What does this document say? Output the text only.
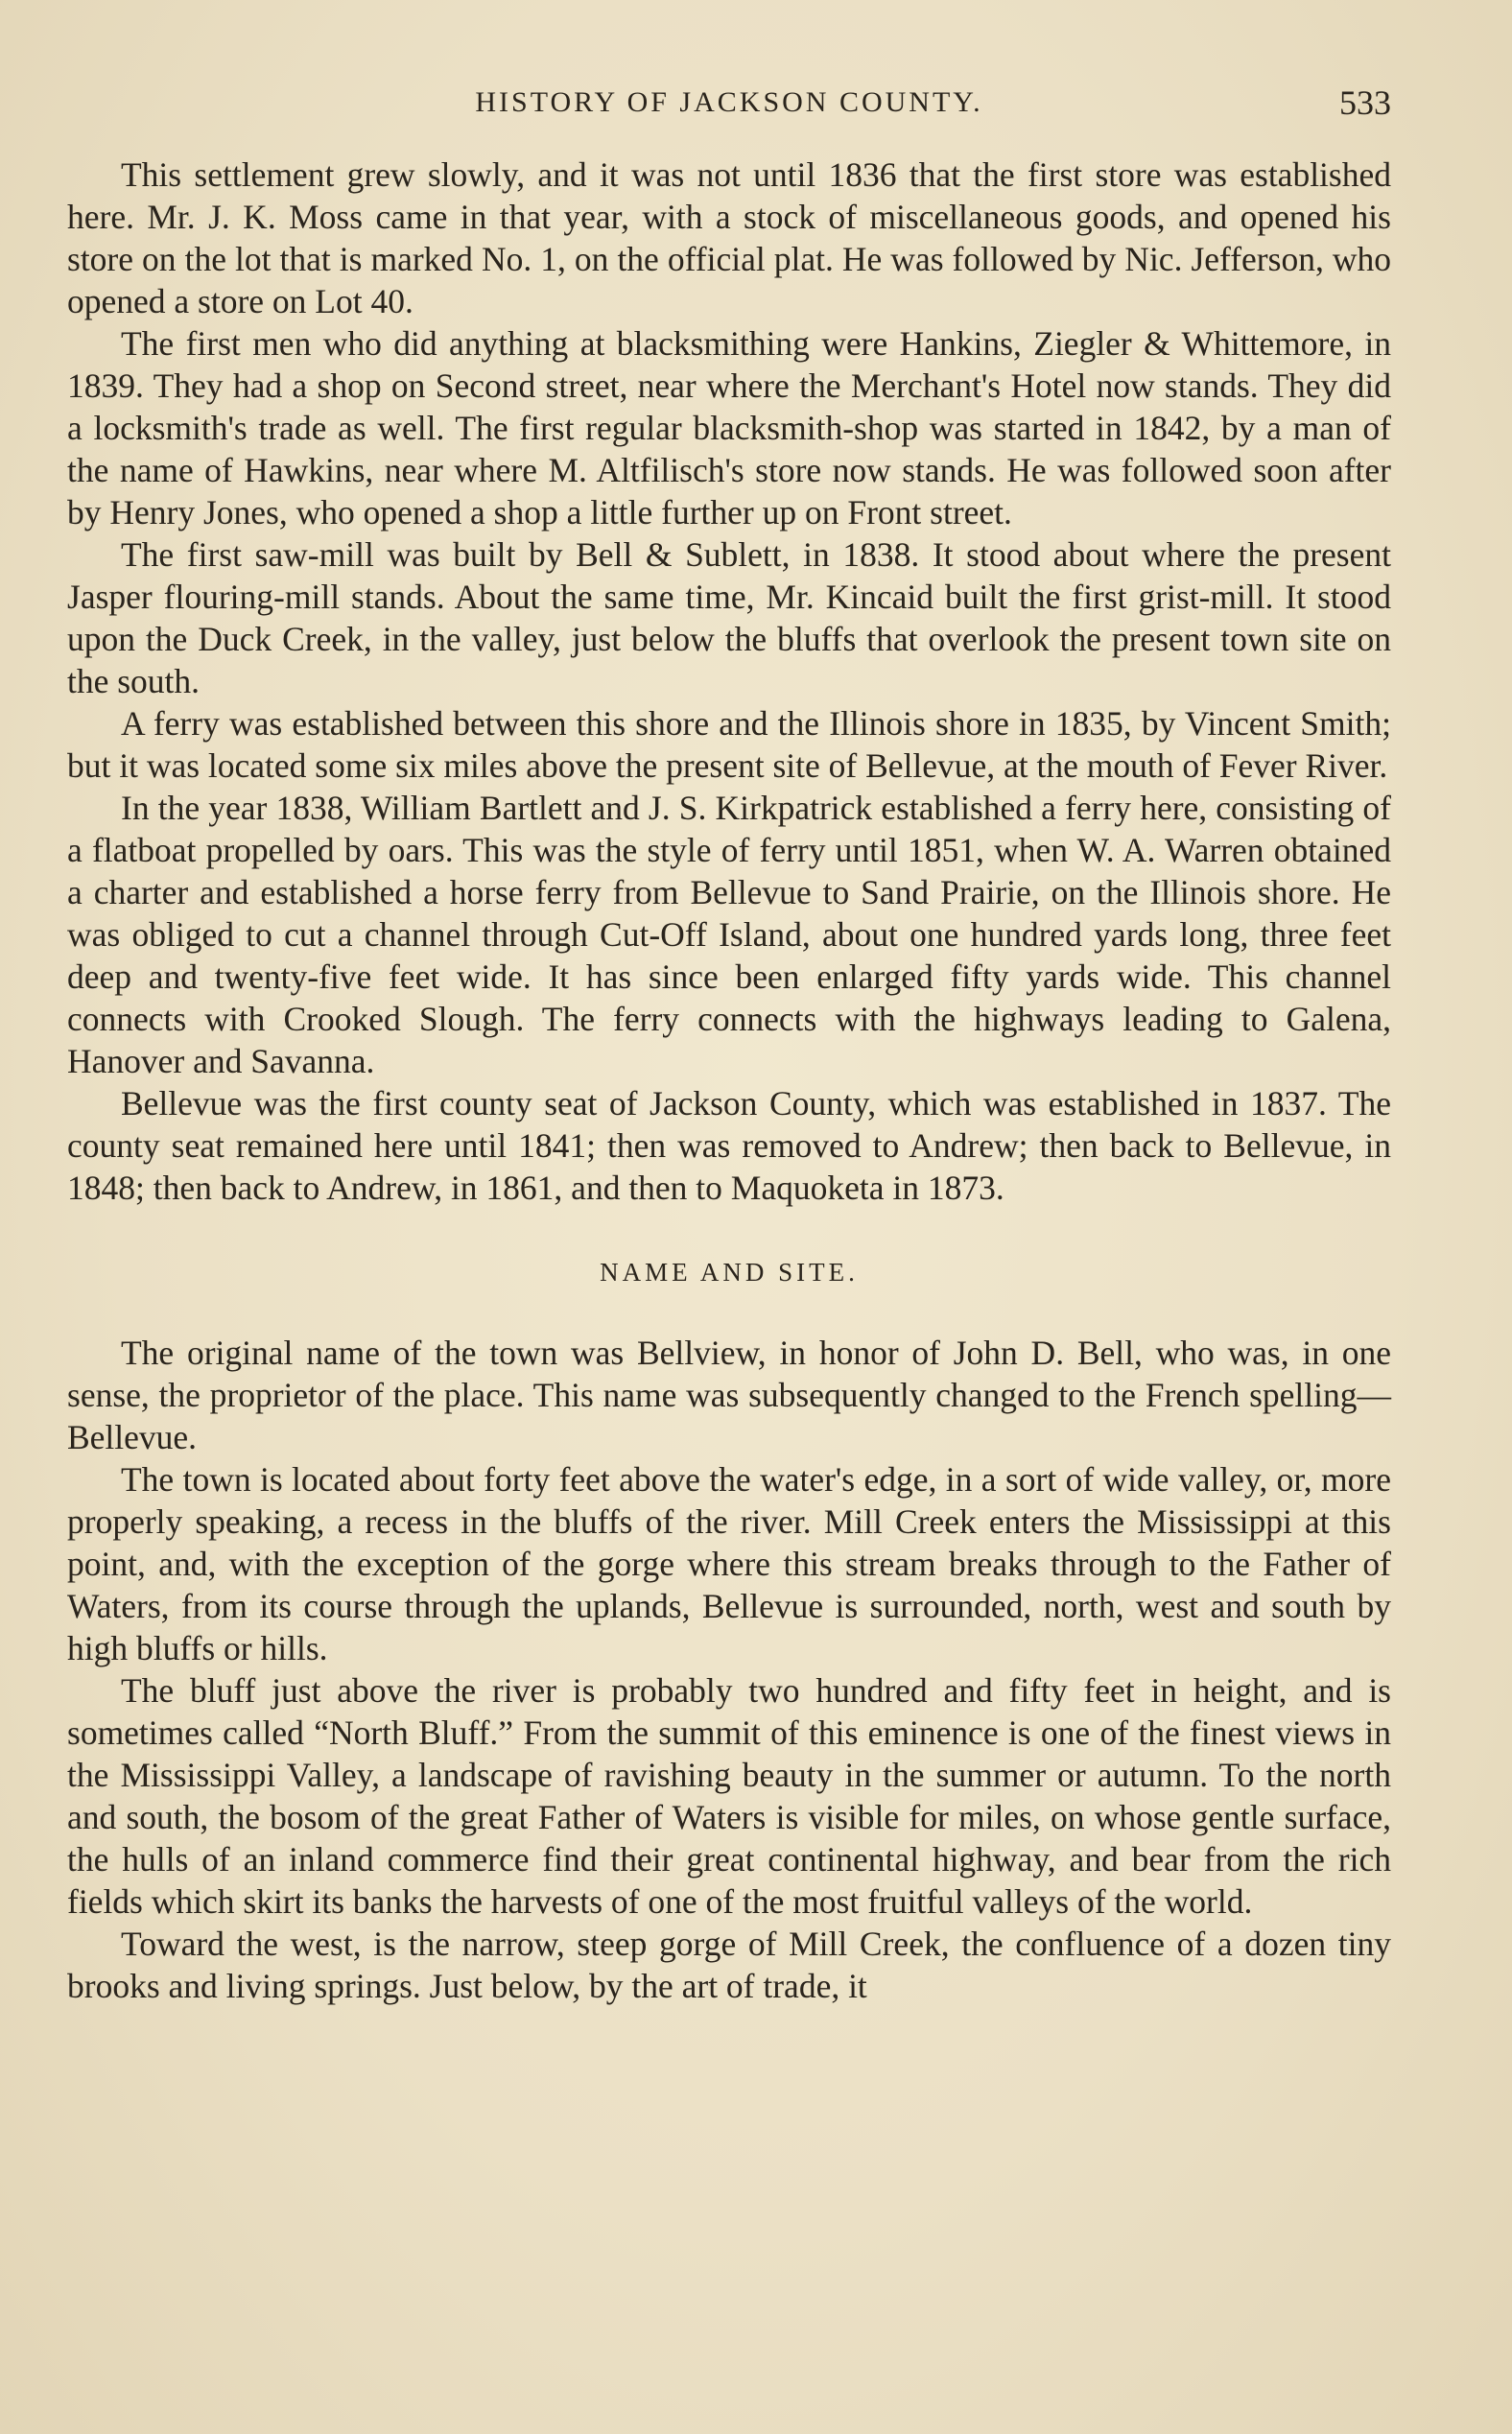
HISTORY OF JACKSON COUNTY.	533

This settlement grew slowly, and it was not until 1836 that the first store was established here. Mr. J. K. Moss came in that year, with a stock of miscellaneous goods, and opened his store on the lot that is marked No. 1, on the official plat. He was followed by Nic. Jefferson, who opened a store on Lot 40.

The first men who did anything at blacksmithing were Hankins, Ziegler & Whittemore, in 1839. They had a shop on Second street, near where the Merchant's Hotel now stands. They did a locksmith's trade as well. The first regular blacksmith-shop was started in 1842, by a man of the name of Hawkins, near where M. Altfilisch's store now stands. He was followed soon after by Henry Jones, who opened a shop a little further up on Front street.

The first saw-mill was built by Bell & Sublett, in 1838. It stood about where the present Jasper flouring-mill stands. About the same time, Mr. Kincaid built the first grist-mill. It stood upon the Duck Creek, in the valley, just below the bluffs that overlook the present town site on the south.

A ferry was established between this shore and the Illinois shore in 1835, by Vincent Smith; but it was located some six miles above the present site of Bellevue, at the mouth of Fever River.

In the year 1838, William Bartlett and J. S. Kirkpatrick established a ferry here, consisting of a flatboat propelled by oars. This was the style of ferry until 1851, when W. A. Warren obtained a charter and established a horse ferry from Bellevue to Sand Prairie, on the Illinois shore. He was obliged to cut a channel through Cut-Off Island, about one hundred yards long, three feet deep and twenty-five feet wide. It has since been enlarged fifty yards wide. This channel connects with Crooked Slough. The ferry connects with the highways leading to Galena, Hanover and Savanna.

Bellevue was the first county seat of Jackson County, which was established in 1837. The county seat remained here until 1841; then was removed to Andrew; then back to Bellevue, in 1848; then back to Andrew, in 1861, and then to Maquoketa in 1873.

NAME AND SITE.

The original name of the town was Bellview, in honor of John D. Bell, who was, in one sense, the proprietor of the place. This name was subsequently changed to the French spelling—Bellevue.

The town is located about forty feet above the water's edge, in a sort of wide valley, or, more properly speaking, a recess in the bluffs of the river. Mill Creek enters the Mississippi at this point, and, with the exception of the gorge where this stream breaks through to the Father of Waters, from its course through the uplands, Bellevue is surrounded, north, west and south by high bluffs or hills.

The bluff just above the river is probably two hundred and fifty feet in height, and is sometimes called “North Bluff.” From the summit of this eminence is one of the finest views in the Mississippi Valley, a landscape of ravishing beauty in the summer or autumn. To the north and south, the bosom of the great Father of Waters is visible for miles, on whose gentle surface, the hulls of an inland commerce find their great continental highway, and bear from the rich fields which skirt its banks the harvests of one of the most fruitful valleys of the world.

Toward the west, is the narrow, steep gorge of Mill Creek, the confluence of a dozen tiny brooks and living springs. Just below, by the art of trade, it
